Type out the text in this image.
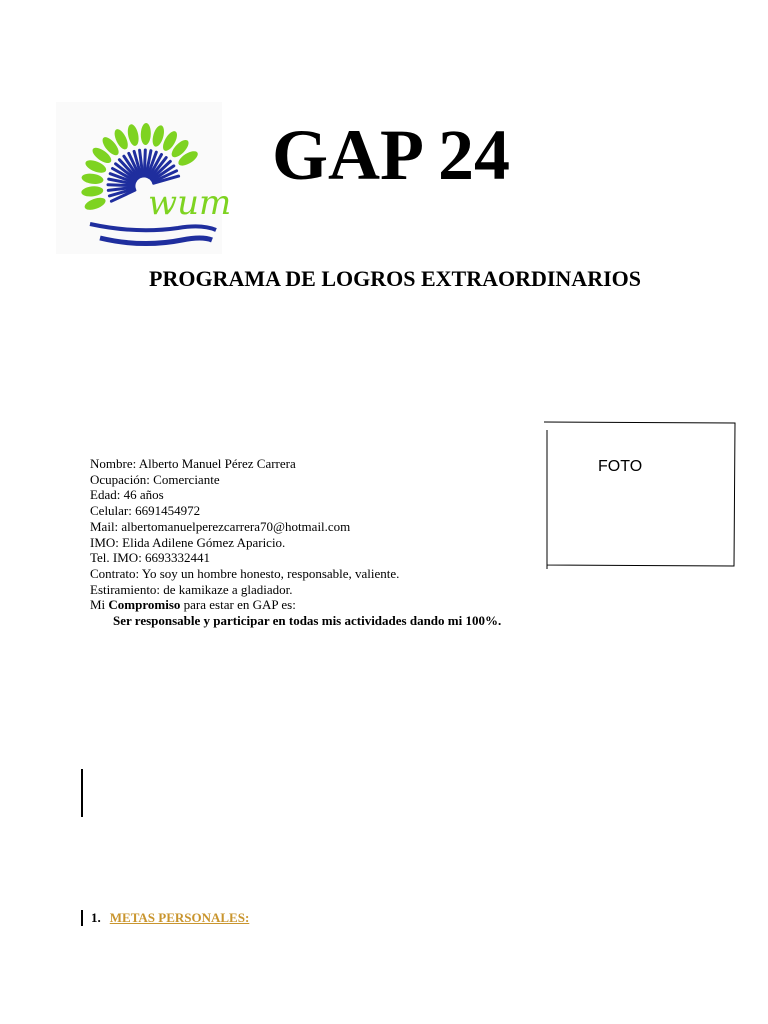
wum
GAP 24
PROGRAMA DE LOGROS EXTRAORDINARIOS
FOTO
Nombre: Alberto Manuel Pérez Carrera
Ocupación: Comerciante
Edad: 46 años
Celular: 6691454972
Mail: albertomanuelperezcarrera70@hotmail.com
IMO: Elida Adilene Gómez Aparicio.
Tel. IMO: 6693332441
Contrato: Yo soy un hombre honesto, responsable, valiente.
Estiramiento: de kamikaze a gladiador.
Mi Compromiso para estar en GAP es:
Ser responsable y participar en todas mis actividades dando mi 100%.
1. METAS PERSONALES:
